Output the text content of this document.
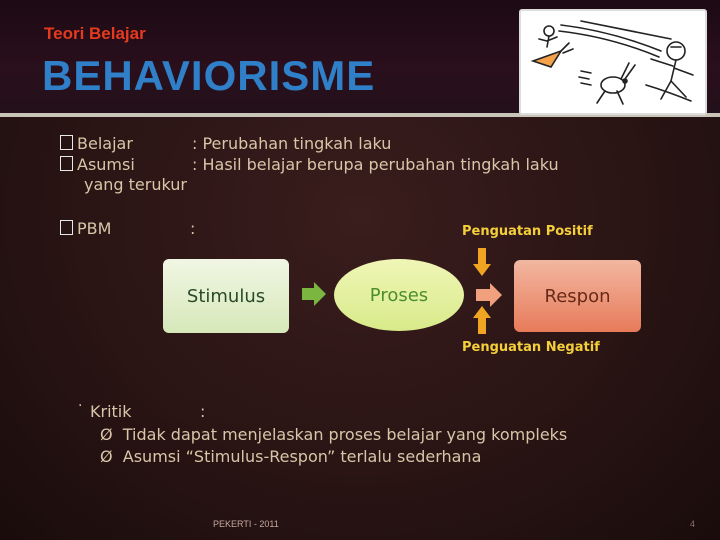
Teori Belajar
BEHAVIORISME
Belajar	: Perubahan tingkah laku
Asumsi	: Hasil belajar berupa perubahan tingkah laku
yang terukur
PBM	:	Penguatan Positif
Penguatan Negatif
Stimulus	Proses	Respon
· Kritik	:
Ø Tidak dapat menjelaskan proses belajar yang kompleks
Ø Asumsi “Stimulus-Respon” terlalu sederhana
PEKERTI - 2011	4
